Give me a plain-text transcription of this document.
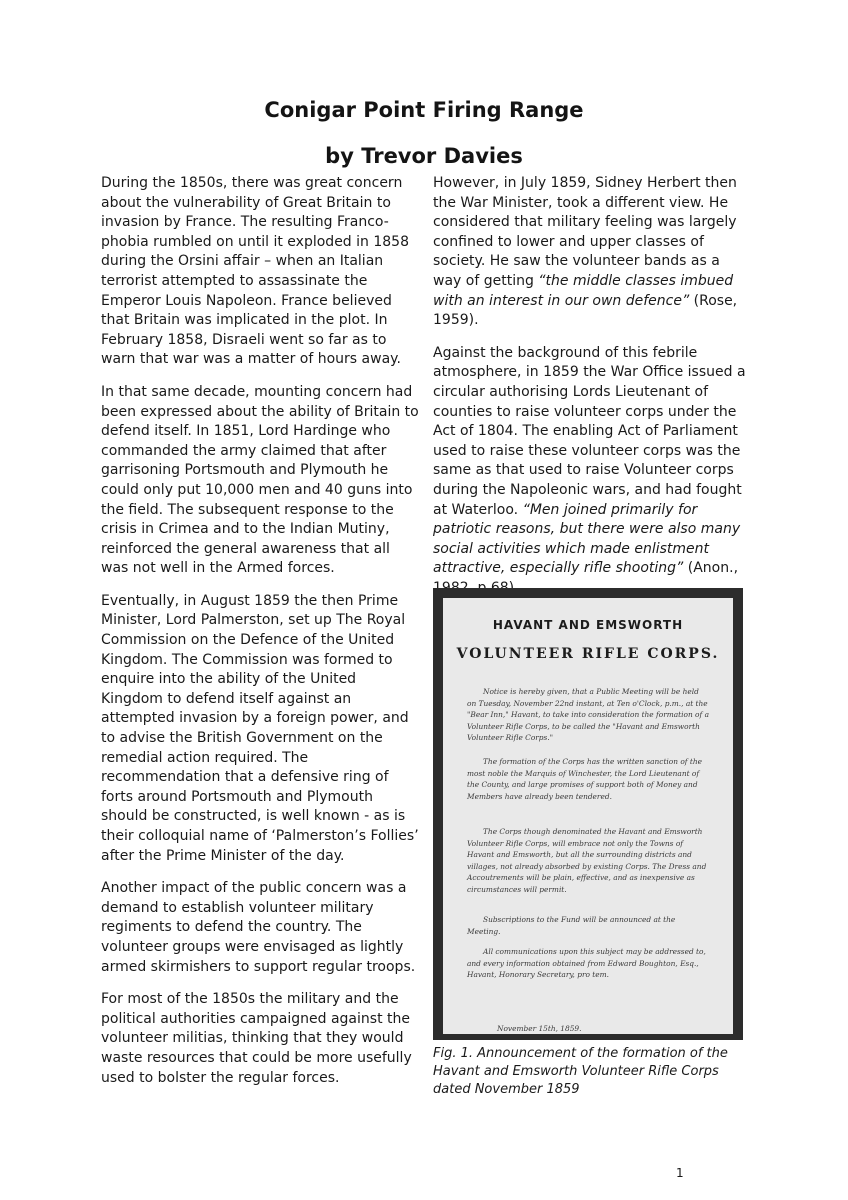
Conigar Point Firing Range
by Trevor Davies

During the 1850s, there was great concern about the vulnerability of Great Britain to invasion by France. The resulting Franco-phobia rumbled on until it exploded in 1858 during the Orsini affair – when an Italian terrorist attempted to assassinate the Emperor Louis Napoleon. France believed that Britain was implicated in the plot. In February 1858, Disraeli went so far as to warn that war was a matter of hours away.

In that same decade, mounting concern had been expressed about the ability of Britain to defend itself. In 1851, Lord Hardinge who commanded the army claimed that after garrisoning Portsmouth and Plymouth he could only put 10,000 men and 40 guns into the field. The subsequent response to the crisis in Crimea and to the Indian Mutiny, reinforced the general awareness that all was not well in the Armed forces.

Eventually, in August 1859 the then Prime Minister, Lord Palmerston, set up The Royal Commission on the Defence of the United Kingdom. The Commission was formed to enquire into the ability of the United Kingdom to defend itself against an attempted invasion by a foreign power, and to advise the British Government on the remedial action required. The recommendation that a defensive ring of forts around Portsmouth and Plymouth should be constructed, is well known - as is their colloquial name of ‘Palmerston’s Follies’ after the Prime Minister of the day.

Another impact of the public concern was a demand to establish volunteer military regiments to defend the country. The volunteer groups were envisaged as lightly armed skirmishers to support regular troops.

For most of the 1850s the military and the political authorities campaigned against the volunteer militias, thinking that they would waste resources that could be more usefully used to bolster the regular forces.

However, in July 1859, Sidney Herbert then the War Minister, took a different view. He considered that military feeling was largely confined to lower and upper classes of society. He saw the volunteer bands as a way of getting “the middle classes imbued with an interest in our own defence” (Rose, 1959).

Against the background of this febrile atmosphere, in 1859 the War Office issued a circular authorising Lords Lieutenant of counties to raise volunteer corps under the Act of 1804. The enabling Act of Parliament used to raise these volunteer corps was the same as that used to raise Volunteer corps during the Napoleonic wars, and had fought at Waterloo. “Men joined primarily for patriotic reasons, but there were also many social activities which made enlistment attractive, especially rifle shooting” (Anon.,

HAVANT AND EMSWORTH
VOLUNTEER RIFLE CORPS.
Notice is hereby given, that a Public Meeting will be held on Tuesday, November 22nd instant, at Ten o'Clock, p.m., at the "Bear Inn," Havant, to take into consideration the formation of a Volunteer Rifle Corps, to be called the "Havant and Emsworth Volunteer Rifle Corps."
The formation of the Corps has the written sanction of the most noble the Marquis of Winchester, the Lord Lieutenant of the County, and large promises of support both of Money and Members have already been tendered.
The Corps though denominated the Havant and Emsworth Volunteer Rifle Corps, will embrace not only the Towns of Havant and Emsworth, but all the surrounding districts and villages, not already absorbed by existing Corps. The Dress and Accoutrements will be plain, effective, and as inexpensive as circumstances will permit.
Subscriptions to the Fund will be announced at the Meeting.
All communications upon this subject may be addressed to, and every information obtained from Edward Boughton, Esq., Havant, Honorary Secretary, pro tem.
November 15th, 1859.
Fig. 1. Announcement of the formation of the Havant and Emsworth Volunteer Rifle Corps dated November 1859
1
